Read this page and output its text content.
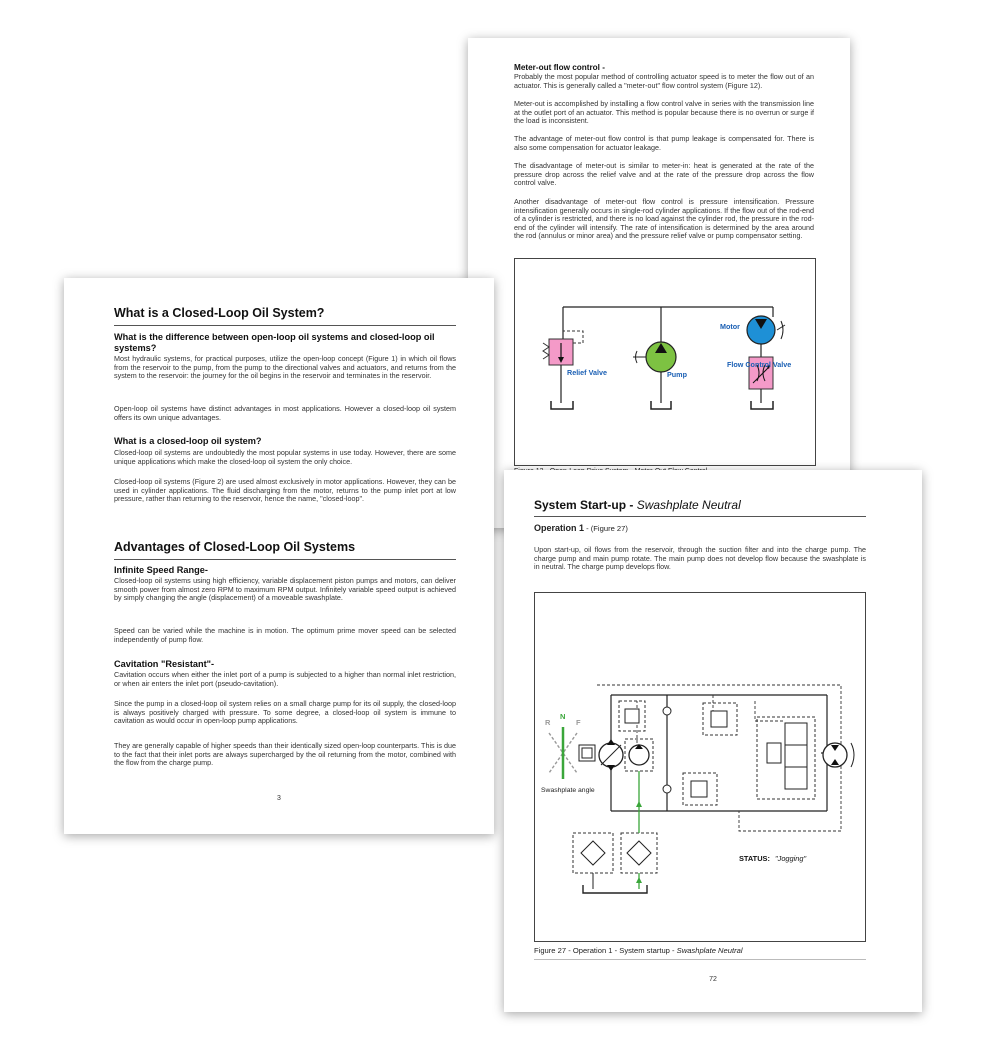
Meter-out flow control -
Probably the most popular method of controlling actuator speed is to meter the flow out of an actuator. This is generally called a "meter-out" flow control system (Figure 12).
Meter-out is accomplished by installing a flow control valve in series with the transmission line at the outlet port of an actuator. This method is popular because there is no overrun or surge if the load is inconsistent.
The advantage of meter-out flow control is that pump leakage is compensated for. There is also some compensation for actuator leakage.
The disadvantage of meter-out is similar to meter-in: heat is generated at the rate of the pressure drop across the relief valve and at the rate of the pressure drop across the flow control valve.
Another disadvantage of meter-out flow control is pressure intensification. Pressure intensification generally occurs in single-rod cylinder applications. If the flow out of the rod-end of a cylinder is restricted, and there is no load against the cylinder rod, the pressure in the rod-end of the cylinder will intensify. The rate of intensification is determined by the area around the rod (annulus or minor area) and the pressure relief valve or pump compensator setting.
Relief Valve	Pump
Motor
Flow Control Valve
What is a Closed-Loop Oil System?
What is the difference between open-loop oil systems and closed-loop oil systems?
Most hydraulic systems, for practical purposes, utilize the open-loop concept (Figure 1) in which oil flows from the reservoir to the pump, from the pump to the directional valves and actuators, and returns from the system to the reservoir: the journey for the oil begins in the reservoir and terminates in the reservoir.
Open-loop oil systems have distinct advantages in most applications. However a closed-loop oil system offers its own unique advantages.
What is a closed-loop oil system?
Closed-loop oil systems are undoubtedly the most popular systems in use today. However, there are some unique applications which make the closed-loop oil system the only choice.
Closed-loop oil systems (Figure 2) are used almost exclusively in motor applications. However, they can be used in cylinder applications. The fluid discharging from the motor, returns to the pump inlet port at low pressure, rather than returning to the reservoir, hence the name, "closed-loop".
Advantages of Closed-Loop Oil Systems
Infinite Speed Range-
Closed-loop oil systems using high efficiency, variable displacement piston pumps and motors, can deliver smooth power from almost zero RPM to maximum RPM output. Infinitely variable speed output is achieved by simply changing the angle (displacement) of a moveable swashplate.
Speed can be varied while the machine is in motion. The optimum prime mover speed can be selected independently of pump flow.
Cavitation "Resistant"-
Cavitation occurs when either the inlet port of a pump is subjected to a higher than normal inlet restriction, or when air enters the inlet port (pseudo-cavitation).
Since the pump in a closed-loop oil system relies on a small charge pump for its oil supply, the closed-loop is always positively charged with pressure. To some degree, a closed-loop oil system is immune to cavitation as would occur in open-loop pump applications.
They are generally capable of higher speeds than their identically sized open-loop counterparts. This is due to the fact that their inlet ports are always supercharged by the oil returning from the motor, combined with the flow from the charge pump.
3
System Start-up - Swashplate Neutral
Operation 1 - (Figure 27)
Upon start-up, oil flows from the reservoir, through the suction filter and into the charge pump. The charge pump and main pump rotate. The main pump does not develop flow because the swashplate is in neutral. The charge pump develops flow.
R
N
F
Swashplate angle
STATUS: "Jogging"
Figure 27 - Operation 1 - System startup - Swashplate Neutral
72
